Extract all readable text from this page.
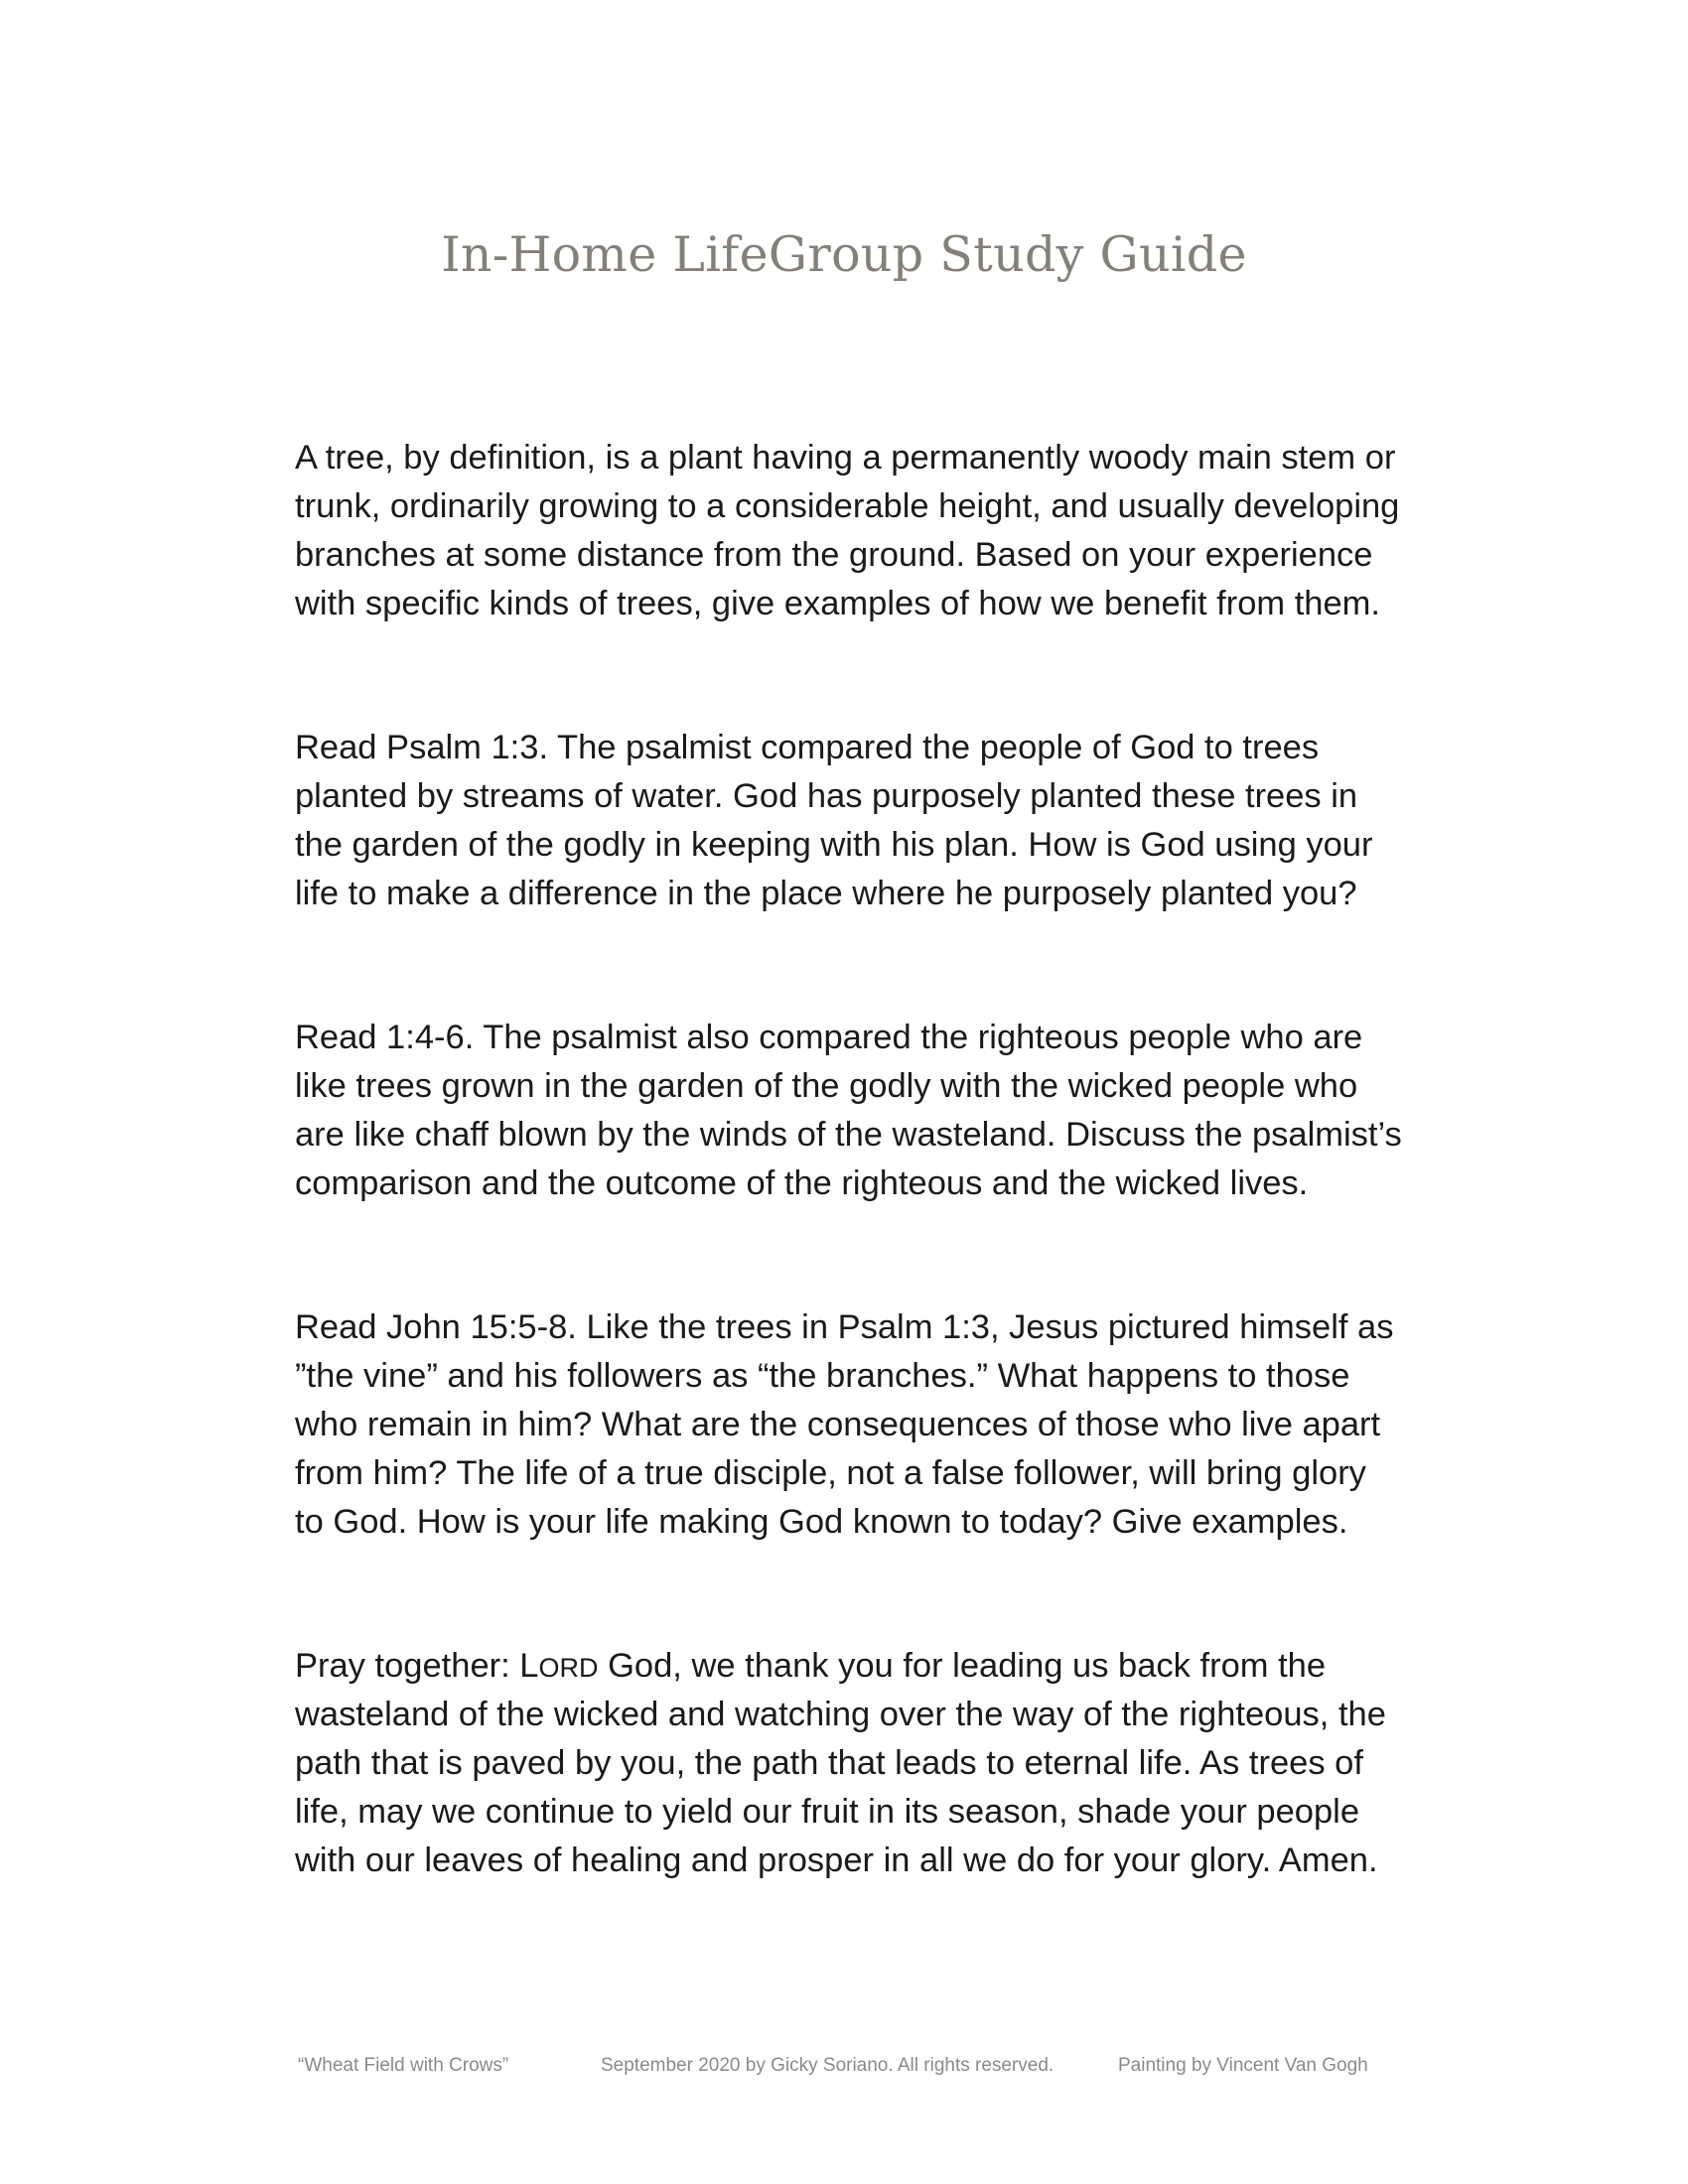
In-Home LifeGroup Study Guide
A tree, by definition, is a plant having a permanently woody main stem or
trunk, ordinarily growing to a considerable height, and usually developing
branches at some distance from the ground. Based on your experience
with specific kinds of trees, give examples of how we benefit from them.
Read Psalm 1:3. The psalmist compared the people of God to trees
planted by streams of water. God has purposely planted these trees in
the garden of the godly in keeping with his plan. How is God using your
life to make a difference in the place where he purposely planted you?
Read 1:4-6. The psalmist also compared the righteous people who are
like trees grown in the garden of the godly with the wicked people who
are like chaff blown by the winds of the wasteland. Discuss the psalmist’s
comparison and the outcome of the righteous and the wicked lives.
Read John 15:5-8. Like the trees in Psalm 1:3, Jesus pictured himself as
”the vine” and his followers as “the branches.” What happens to those
who remain in him? What are the consequences of those who live apart
from him? The life of a true disciple, not a false follower, will bring glory
to God. How is your life making God known to today? Give examples.
Pray together: LORD God, we thank you for leading us back from the
wasteland of the wicked and watching over the way of the righteous, the
path that is paved by you, the path that leads to eternal life. As trees of
life, may we continue to yield our fruit in its season, shade your people
with our leaves of healing and prosper in all we do for your glory. Amen.

“Wheat Field with Crows”	September 2020 by Gicky Soriano. All rights reserved.	Painting by Vincent Van Gogh
